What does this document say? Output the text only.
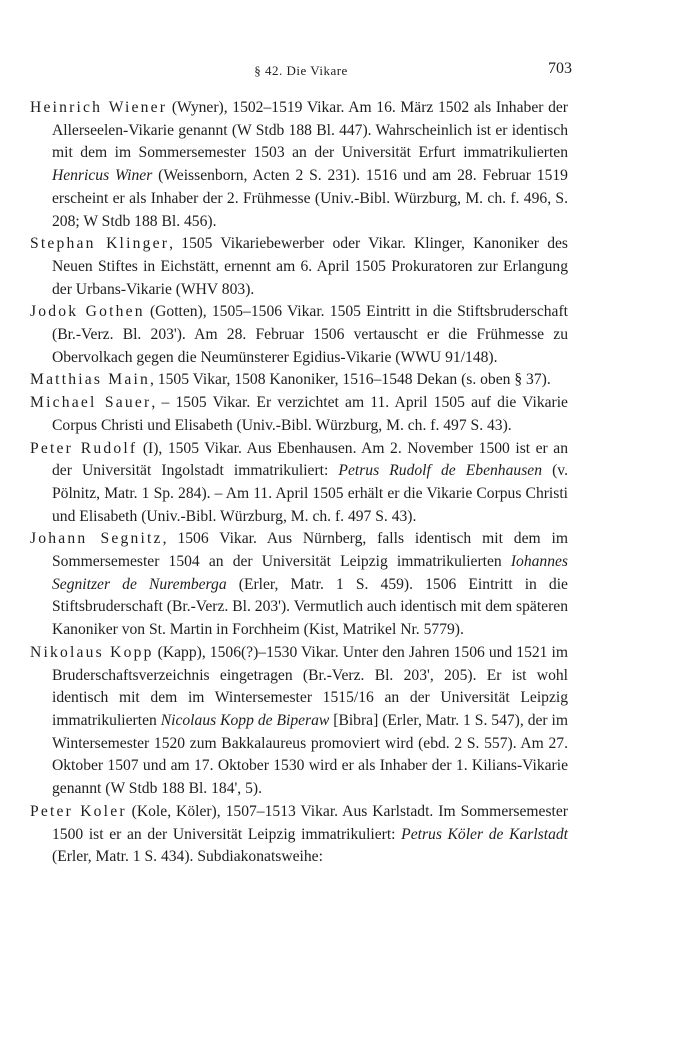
§ 42. Die Vikare	703

Heinrich Wiener (Wyner), 1502–1519 Vikar. Am 16. März 1502 als Inhaber der Allerseelen-Vikarie genannt (W Stdb 188 Bl. 447). Wahrscheinlich ist er identisch mit dem im Sommersemester 1503 an der Universität Erfurt immatrikulierten Henricus Winer (Weissenborn, Acten 2 S. 231). 1516 und am 28. Februar 1519 erscheint er als Inhaber der 2. Frühmesse (Univ.-Bibl. Würzburg, M. ch. f. 496, S. 208; W Stdb 188 Bl. 456).

Stephan Klinger, 1505 Vikariebewerber oder Vikar. Klinger, Kanoniker des Neuen Stiftes in Eichstätt, ernennt am 6. April 1505 Prokuratoren zur Erlangung der Urbans-Vikarie (WHV 803).

Jodok Gothen (Gotten), 1505–1506 Vikar. 1505 Eintritt in die Stiftsbruderschaft (Br.-Verz. Bl. 203'). Am 28. Februar 1506 vertauscht er die Frühmesse zu Obervolkach gegen die Neumünsterer Egidius-Vikarie (WWU 91/148).

Matthias Main, 1505 Vikar, 1508 Kanoniker, 1516–1548 Dekan (s. oben § 37).

Michael Sauer, – 1505 Vikar. Er verzichtet am 11. April 1505 auf die Vikarie Corpus Christi und Elisabeth (Univ.-Bibl. Würzburg, M. ch. f. 497 S. 43).

Peter Rudolf (I), 1505 Vikar. Aus Ebenhausen. Am 2. November 1500 ist er an der Universität Ingolstadt immatrikuliert: Petrus Rudolf de Ebenhausen (v. Pölnitz, Matr. 1 Sp. 284). – Am 11. April 1505 erhält er die Vikarie Corpus Christi und Elisabeth (Univ.-Bibl. Würzburg, M. ch. f. 497 S. 43).

Johann Segnitz, 1506 Vikar. Aus Nürnberg, falls identisch mit dem im Sommersemester 1504 an der Universität Leipzig immatrikulierten Iohannes Segnitzer de Nuremberga (Erler, Matr. 1 S. 459). 1506 Eintritt in die Stiftsbruderschaft (Br.-Verz. Bl. 203'). Vermutlich auch identisch mit dem späteren Kanoniker von St. Martin in Forchheim (Kist, Matrikel Nr. 5779).

Nikolaus Kopp (Kapp), 1506(?)–1530 Vikar. Unter den Jahren 1506 und 1521 im Bruderschaftsverzeichnis eingetragen (Br.-Verz. Bl. 203', 205). Er ist wohl identisch mit dem im Wintersemester 1515/16 an der Universität Leipzig immatrikulierten Nicolaus Kopp de Biperaw [Bibra] (Erler, Matr. 1 S. 547), der im Wintersemester 1520 zum Bakkalaureus promoviert wird (ebd. 2 S. 557). Am 27. Oktober 1507 und am 17. Oktober 1530 wird er als Inhaber der 1. Kilians-Vikarie genannt (W Stdb 188 Bl. 184', 5).

Peter Koler (Kole, Köler), 1507–1513 Vikar. Aus Karlstadt. Im Sommersemester 1500 ist er an der Universität Leipzig immatrikuliert: Petrus Köler de Karlstadt (Erler, Matr. 1 S. 434). Subdiakonatsweihe:
